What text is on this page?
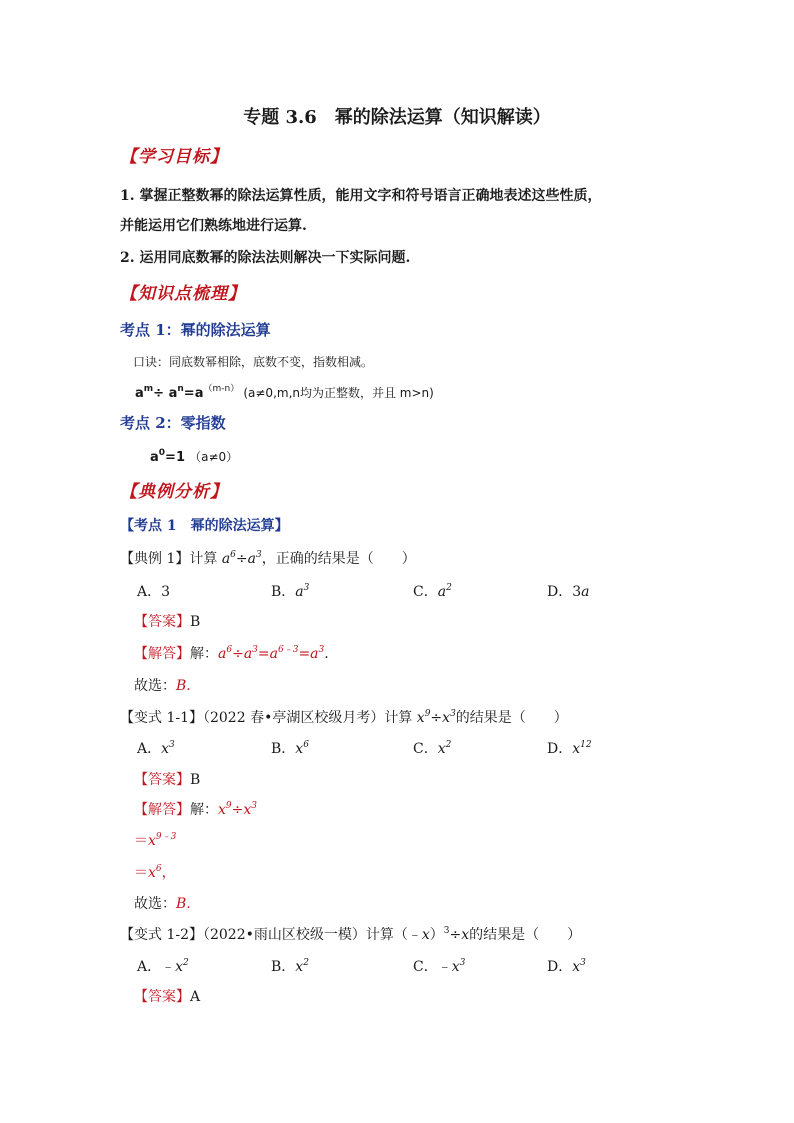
专题 3.6　幂的除法运算（知识解读）
【学习目标】
1. 掌握正整数幂的除法运算性质，能用文字和符号语言正确地表述这些性质，
并能运用它们熟练地进行运算.
2. 运用同底数幂的除法法则解决一下实际问题.
【知识点梳理】
考点 1：幂的除法运算
口诀：同底数幂相除，底数不变，指数相减。
$a^m\div a^n=a^{(m-n)}$ (a≠0,m,n均为正整数，并且 m>n)
考点 2：零指数
$a^0=1$ （a≠0）
【典例分析】
【考点 1　幂的除法运算】
【典例 1】计算 $a^6\div a^3$，正确的结果是（　　）
A．3	B．$a^3$	C．$a^2$	D．3a
【答案】B
【解答】解：$a^6\div a^3=a^{6﹣3}=a^3$.
故选：B.
【变式 1-1】（2022 春•亭湖区校级月考）计算 $x^9\div x^3$的结果是（　　）
A．$x^3$	B．$x^6$	C．$x^2$	D．$x^{12}$
【答案】B
【解答】解：$x^9\div x^3$
$=x^{9﹣3}$
$=x^6$，
故选：B.
【变式 1-2】（2022•雨山区校级一模）计算（﹣x）$^3$÷x的结果是（　　）
A．$﹣x^2$	B．$x^2$	C．$﹣x^3$	D．$x^3$
【答案】A
